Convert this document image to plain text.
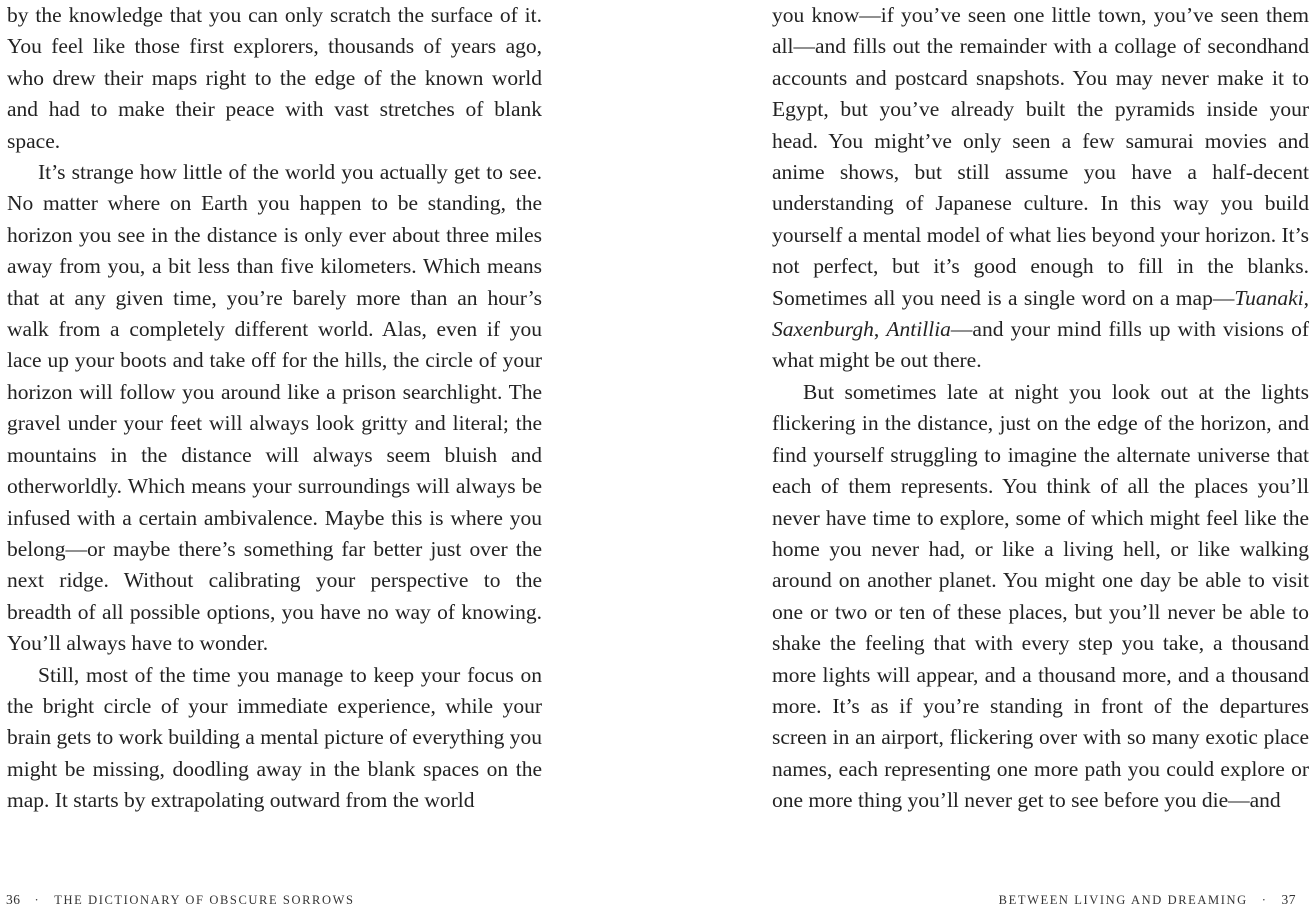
by the knowledge that you can only scratch the surface of it. You feel like those first explorers, thousands of years ago, who drew their maps right to the edge of the known world and had to make their peace with vast stretches of blank space.

It’s strange how little of the world you actually get to see. No matter where on Earth you happen to be standing, the horizon you see in the distance is only ever about three miles away from you, a bit less than five kilometers. Which means that at any given time, you’re barely more than an hour’s walk from a completely different world. Alas, even if you lace up your boots and take off for the hills, the circle of your horizon will follow you around like a prison searchlight. The gravel under your feet will always look gritty and literal; the mountains in the distance will always seem bluish and otherworldly. Which means your surroundings will always be infused with a certain ambivalence. Maybe this is where you belong—or maybe there’s something far better just over the next ridge. Without calibrating your perspective to the breadth of all possible options, you have no way of knowing. You’ll always have to wonder.

Still, most of the time you manage to keep your focus on the bright circle of your immediate experience, while your brain gets to work building a mental picture of everything you might be missing, doodling away in the blank spaces on the map. It starts by extrapolating outward from the world

36 · THE DICTIONARY OF OBSCURE SORROWS

you know—if you’ve seen one little town, you’ve seen them all—and fills out the remainder with a collage of secondhand accounts and postcard snapshots. You may never make it to Egypt, but you’ve already built the pyramids inside your head. You might’ve only seen a few samurai movies and anime shows, but still assume you have a half-decent understanding of Japanese culture. In this way you build yourself a mental model of what lies beyond your horizon. It’s not perfect, but it’s good enough to fill in the blanks. Sometimes all you need is a single word on a map—Tuanaki, Saxenburgh, Antillia—and your mind fills up with visions of what might be out there.

But sometimes late at night you look out at the lights flickering in the distance, just on the edge of the horizon, and find yourself struggling to imagine the alternate universe that each of them represents. You think of all the places you’ll never have time to explore, some of which might feel like the home you never had, or like a living hell, or like walking around on another planet. You might one day be able to visit one or two or ten of these places, but you’ll never be able to shake the feeling that with every step you take, a thousand more lights will appear, and a thousand more, and a thousand more. It’s as if you’re standing in front of the departures screen in an airport, flickering over with so many exotic place names, each representing one more path you could explore or one more thing you’ll never get to see before you die—and

BETWEEN LIVING AND DREAMING · 37
